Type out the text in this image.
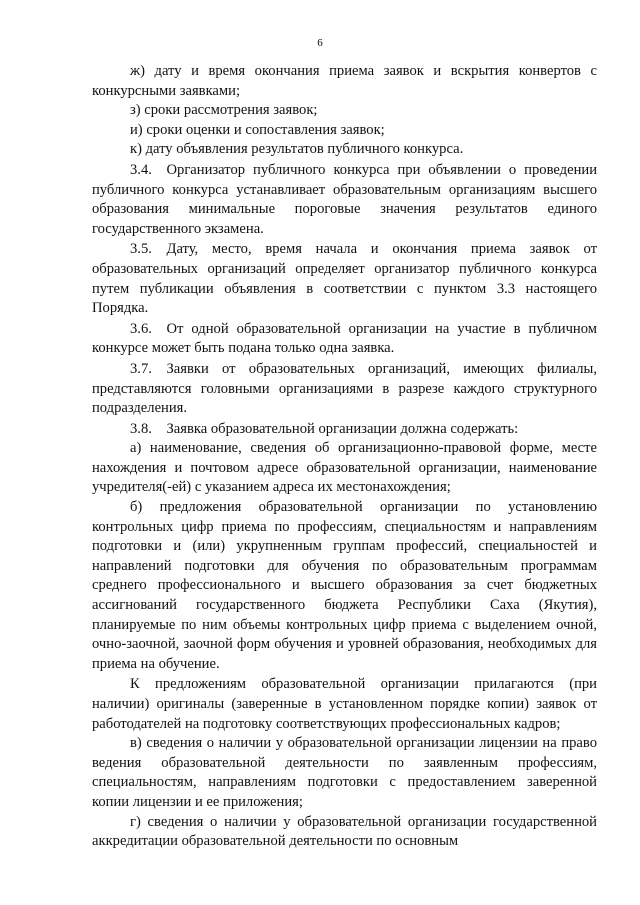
6

ж) дату и время окончания приема заявок и вскрытия конвертов с конкурсными заявками;

з) сроки рассмотрения заявок;

и) сроки оценки и сопоставления заявок;

к) дату объявления результатов публичного конкурса.

3.4. Организатор публичного конкурса при объявлении о проведении публичного конкурса устанавливает образовательным организациям высшего образования минимальные пороговые значения результатов единого государственного экзамена.

3.5. Дату, место, время начала и окончания приема заявок от образовательных организаций определяет организатор публичного конкурса путем публикации объявления в соответствии с пунктом 3.3 настоящего Порядка.

3.6. От одной образовательной организации на участие в публичном конкурсе может быть подана только одна заявка.

3.7. Заявки от образовательных организаций, имеющих филиалы, представляются головными организациями в разрезе каждого структурного подразделения.

3.8. Заявка образовательной организации должна содержать:

а) наименование, сведения об организационно-правовой форме, месте нахождения и почтовом адресе образовательной организации, наименование учредителя(-ей) с указанием адреса их местонахождения;

б) предложения образовательной организации по установлению контрольных цифр приема по профессиям, специальностям и направлениям подготовки и (или) укрупненным группам профессий, специальностей и направлений подготовки для обучения по образовательным программам среднего профессионального и высшего образования за счет бюджетных ассигнований государственного бюджета Республики Саха (Якутия), планируемые по ним объемы контрольных цифр приема с выделением очной, очно-заочной, заочной форм обучения и уровней образования, необходимых для приема на обучение.

К предложениям образовательной организации прилагаются (при наличии) оригиналы (заверенные в установленном порядке копии) заявок от работодателей на подготовку соответствующих профессиональных кадров;

в) сведения о наличии у образовательной организации лицензии на право ведения образовательной деятельности по заявленным профессиям, специальностям, направлениям подготовки с предоставлением заверенной копии лицензии и ее приложения;

г) сведения о наличии у образовательной организации государственной аккредитации образовательной деятельности по основным
